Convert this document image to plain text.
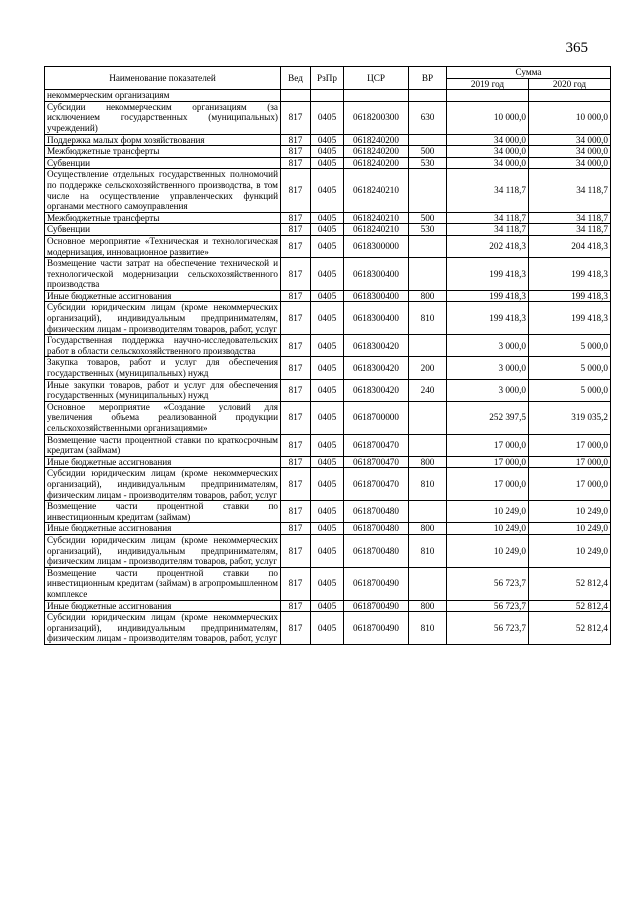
365
Наименование показателей	Вед	РзПр	ЦСР	ВР	Сумма	
					2019 год	2020 год
некоммерческим организациям						
Субсидии некоммерческим организациям (за исключением государственных (муниципальных) учреждений)	817	0405	0618200300	630	10 000,0	10 000,0
Поддержка малых форм хозяйствования	817	0405	0618240200		34 000,0	34 000,0
Межбюджетные трансферты	817	0405	0618240200	500	34 000,0	34 000,0
Субвенции	817	0405	0618240200	530	34 000,0	34 000,0
Осуществление отдельных государственных полномочий по поддержке сельскохозяйственного производства, в том числе на осуществление управленческих функций органами местного самоуправления	817	0405	0618240210		34 118,7	34 118,7
Межбюджетные трансферты	817	0405	0618240210	500	34 118,7	34 118,7
Субвенции	817	0405	0618240210	530	34 118,7	34 118,7
Основное мероприятие «Техническая и технологическая модернизация, инновационное развитие»	817	0405	0618300000		202 418,3	204 418,3
Возмещение части затрат на обеспечение технической и технологической модернизации сельскохозяйственного производства	817	0405	0618300400		199 418,3	199 418,3
Иные бюджетные ассигнования	817	0405	0618300400	800	199 418,3	199 418,3
Субсидии юридическим лицам (кроме некоммерческих организаций), индивидуальным предпринимателям, физическим лицам - производителям товаров, работ, услуг	817	0405	0618300400	810	199 418,3	199 418,3
Государственная поддержка научно-исследовательских работ в области сельскохозяйственного производства	817	0405	0618300420		3 000,0	5 000,0
Закупка товаров, работ и услуг для обеспечения государственных (муниципальных) нужд	817	0405	0618300420	200	3 000,0	5 000,0
Иные закупки товаров, работ и услуг для обеспечения государственных (муниципальных) нужд	817	0405	0618300420	240	3 000,0	5 000,0
Основное мероприятие «Создание условий для увеличения объема реализованной продукции сельскохозяйственными организациями»	817	0405	0618700000		252 397,5	319 035,2
Возмещение части процентной ставки по краткосрочным кредитам (займам)	817	0405	0618700470		17 000,0	17 000,0
Иные бюджетные ассигнования	817	0405	0618700470	800	17 000,0	17 000,0
Субсидии юридическим лицам (кроме некоммерческих организаций), индивидуальным предпринимателям, физическим лицам - производителям товаров, работ, услуг	817	0405	0618700470	810	17 000,0	17 000,0
Возмещение части процентной ставки по инвестиционным кредитам (займам)	817	0405	0618700480		10 249,0	10 249,0
Иные бюджетные ассигнования	817	0405	0618700480	800	10 249,0	10 249,0
Субсидии юридическим лицам (кроме некоммерческих организаций), индивидуальным предпринимателям, физическим лицам - производителям товаров, работ, услуг	817	0405	0618700480	810	10 249,0	10 249,0
Возмещение части процентной ставки по инвестиционным кредитам (займам) в агропромышленном комплексе	817	0405	0618700490		56 723,7	52 812,4
Иные бюджетные ассигнования	817	0405	0618700490	800	56 723,7	52 812,4
Субсидии юридическим лицам (кроме некоммерческих организаций), индивидуальным предпринимателям, физическим лицам - производителям товаров, работ, услуг	817	0405	0618700490	810	56 723,7	52 812,4
